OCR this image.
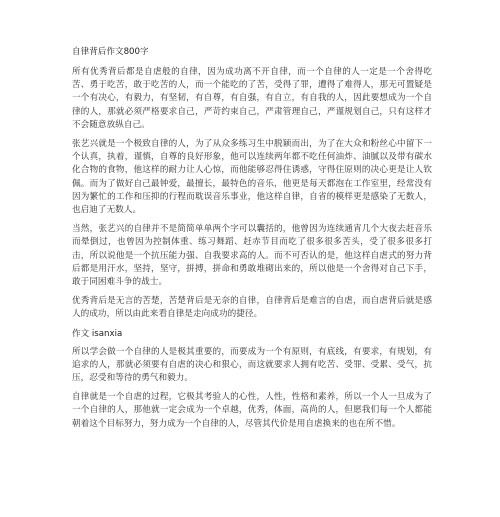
自律背后作文800字

所有优秀背后都是自虐般的自律，因为成功离不开自律，而一个自律的人一定是一个舍得吃苦、勇于吃苦，敢于吃苦的人，而一个能吃的了苦，受得了罪，遭得了难得人，那无可置疑是一个有决心，有毅力，有坚韧，有自尊，有自强，有自立，有自我的人，因此要想成为一个自律的人，那就必须严格要求自己，严苛约束自己，严肃管理自己，严谨规划自己，只有这样才不会随意放纵自己。

张艺兴就是一个极致自律的人，为了从众多练习生中脱颖而出，为了在大众和粉丝心中留下一个认真，执着，谨慎，自尊的良好形象，他可以连续两年都不吃任何油炸、油腻以及带有碳水化合物的食物，他这样的耐力让人心惊，而他能够忍得住诱惑，守得住原则的决心更是让人钦佩。而为了做好自己最钟爱，最擅长，最特色的音乐，他更是每天都泡在工作室里，经常没有因为繁忙的工作和压抑的行程而耽误音乐事业，他这样自律，自省的模样更是感染了无数人，也启迪了无数人。

当然，张艺兴的自律并不是简简单单两个字可以囊括的，他曾因为连续通宵几个大夜去赶音乐而晕倒过，也曾因为控制体重、练习舞蹈、赶赤节目而吃了很多很多苦头，受了很多很多打击，所以说他是一个抗压能力强、自我要求高的人。而不可否认的是，他这样自虐式的努力背后都是用汗水，坚持，坚守，拼搏，拼命和勇敢堆砌出来的，所以他是一个舍得对自己下手，敢于同困难斗争的战士。

优秀背后是无言的苦楚，苦楚背后是无奈的自律，自律背后是难言的自虐，而自虐背后就是感人的成功，所以由此来看自律是走向成功的捷径。

作文 isanxia

所以学会做一个自律的人是极其重要的，而要成为一个有原则，有底线，有要求，有规划，有追求的人，那就必须要有自虐的决心和狠心，而这就要求人拥有吃苦、受罪、受累、受气，抗压，忍受和等待的勇气和毅力。

自律就是一个自虐的过程，它极其考验人的心性，人性，性格和素养，所以一个人一旦成为了一个自律的人，那他就一定会成为一个卓越，优秀，体面，高尚的人，但愿我们每一个人都能朝着这个目标努力，努力成为一个自律的人，尽管其代价是用自虐换来的也在所不惜。
